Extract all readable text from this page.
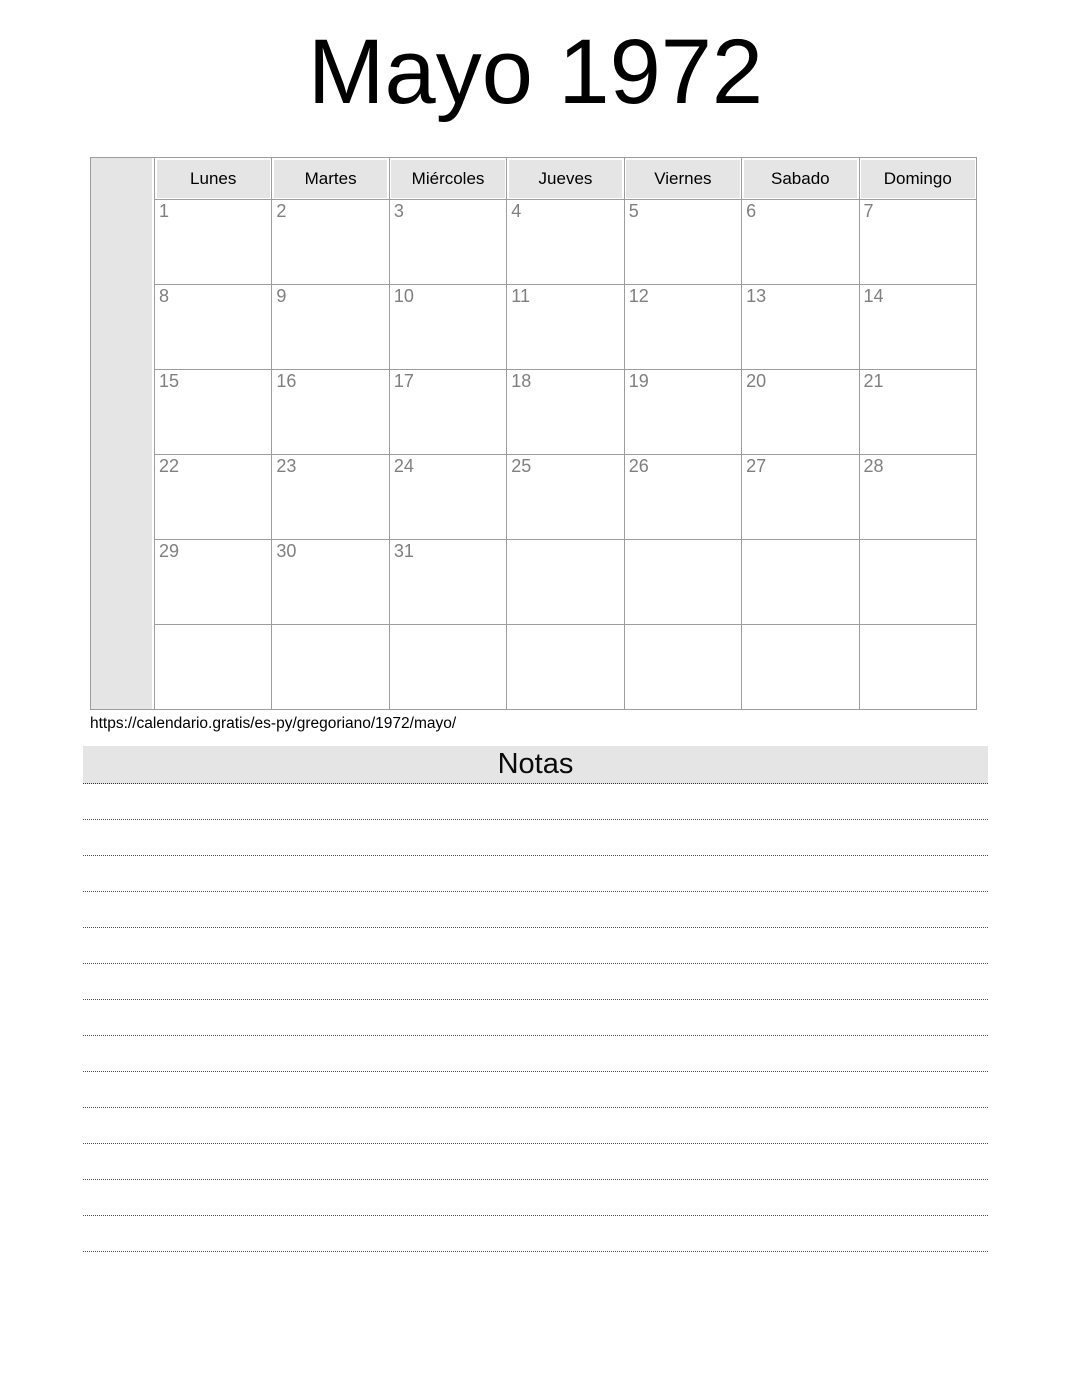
Mayo 1972
	Lunes	Martes	Miércoles	Jueves	Viernes	Sabado	Domingo
	1	2	3	4	5	6	7
	8	9	10	11	12	13	14
	15	16	17	18	19	20	21
	22	23	24	25	26	27	28
	29	30	31				

https://calendario.gratis/es-py/gregoriano/1972/mayo/
Notas
